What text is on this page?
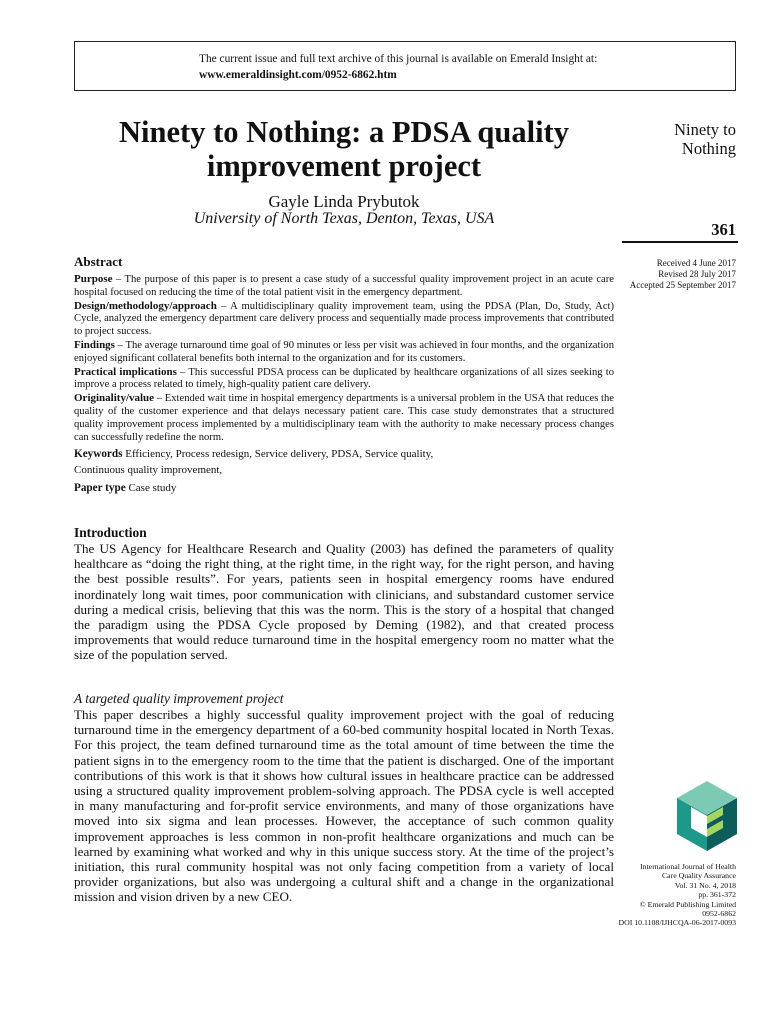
The current issue and full text archive of this journal is available on Emerald Insight at:
www.emeraldinsight.com/0952-6862.htm
Ninety to Nothing: a PDSA quality improvement project
Gayle Linda Prybutok
University of North Texas, Denton, Texas, USA
Ninety to
Nothing
361
Received 4 June 2017
Revised 28 July 2017
Accepted 25 September 2017
Abstract

Purpose – The purpose of this paper is to present a case study of a successful quality improvement project in an acute care hospital focused on reducing the time of the total patient visit in the emergency department.

Design/methodology/approach – A multidisciplinary quality improvement team, using the PDSA (Plan, Do, Study, Act) Cycle, analyzed the emergency department care delivery process and sequentially made process improvements that contributed to project success.

Findings – The average turnaround time goal of 90 minutes or less per visit was achieved in four months, and the organization enjoyed significant collateral benefits both internal to the organization and for its customers.

Practical implications – This successful PDSA process can be duplicated by healthcare organizations of all sizes seeking to improve a process related to timely, high-quality patient care delivery.

Originality/value – Extended wait time in hospital emergency departments is a universal problem in the USA that reduces the quality of the customer experience and that delays necessary patient care. This case study demonstrates that a structured quality improvement process implemented by a multidisciplinary team with the authority to make necessary process changes can successfully redefine the norm.

Keywords Efficiency, Process redesign, Service delivery, PDSA, Service quality,
Continuous quality improvement,

Paper type Case study

Introduction

The US Agency for Healthcare Research and Quality (2003) has defined the parameters of quality healthcare as “doing the right thing, at the right time, in the right way, for the right person, and having the best possible results”. For years, patients seen in hospital emergency rooms have endured inordinately long wait times, poor communication with clinicians, and substandard customer service during a medical crisis, believing that this was the norm. This is the story of a hospital that changed the paradigm using the PDSA Cycle proposed by Deming (1982), and that created process improvements that would reduce turnaround time in the hospital emergency room no matter what the size of the population served.

A targeted quality improvement project

This paper describes a highly successful quality improvement project with the goal of reducing turnaround time in the emergency department of a 60-bed community hospital located in North Texas. For this project, the team defined turnaround time as the total amount of time between the time the patient signs in to the emergency room to the time that the patient is discharged. One of the important contributions of this work is that it shows how cultural issues in healthcare practice can be addressed using a structured quality improvement problem-solving approach. The PDSA cycle is well accepted in many manufacturing and for-profit service environments, and many of those organizations have moved into six sigma and lean processes. However, the acceptance of such common quality improvement approaches is less common in non-profit healthcare organizations and much can be learned by examining what worked and why in this unique success story. At the time of the project’s initiation, this rural community hospital was not only facing competition from a variety of local provider organizations, but also was undergoing a cultural shift and a change in the organizational mission and vision driven by a new CEO.

International Journal of Health
Care Quality Assurance
Vol. 31 No. 4, 2018
pp. 361-372
© Emerald Publishing Limited
0952-6862
DOI 10.1108/IJHCQA-06-2017-0093
